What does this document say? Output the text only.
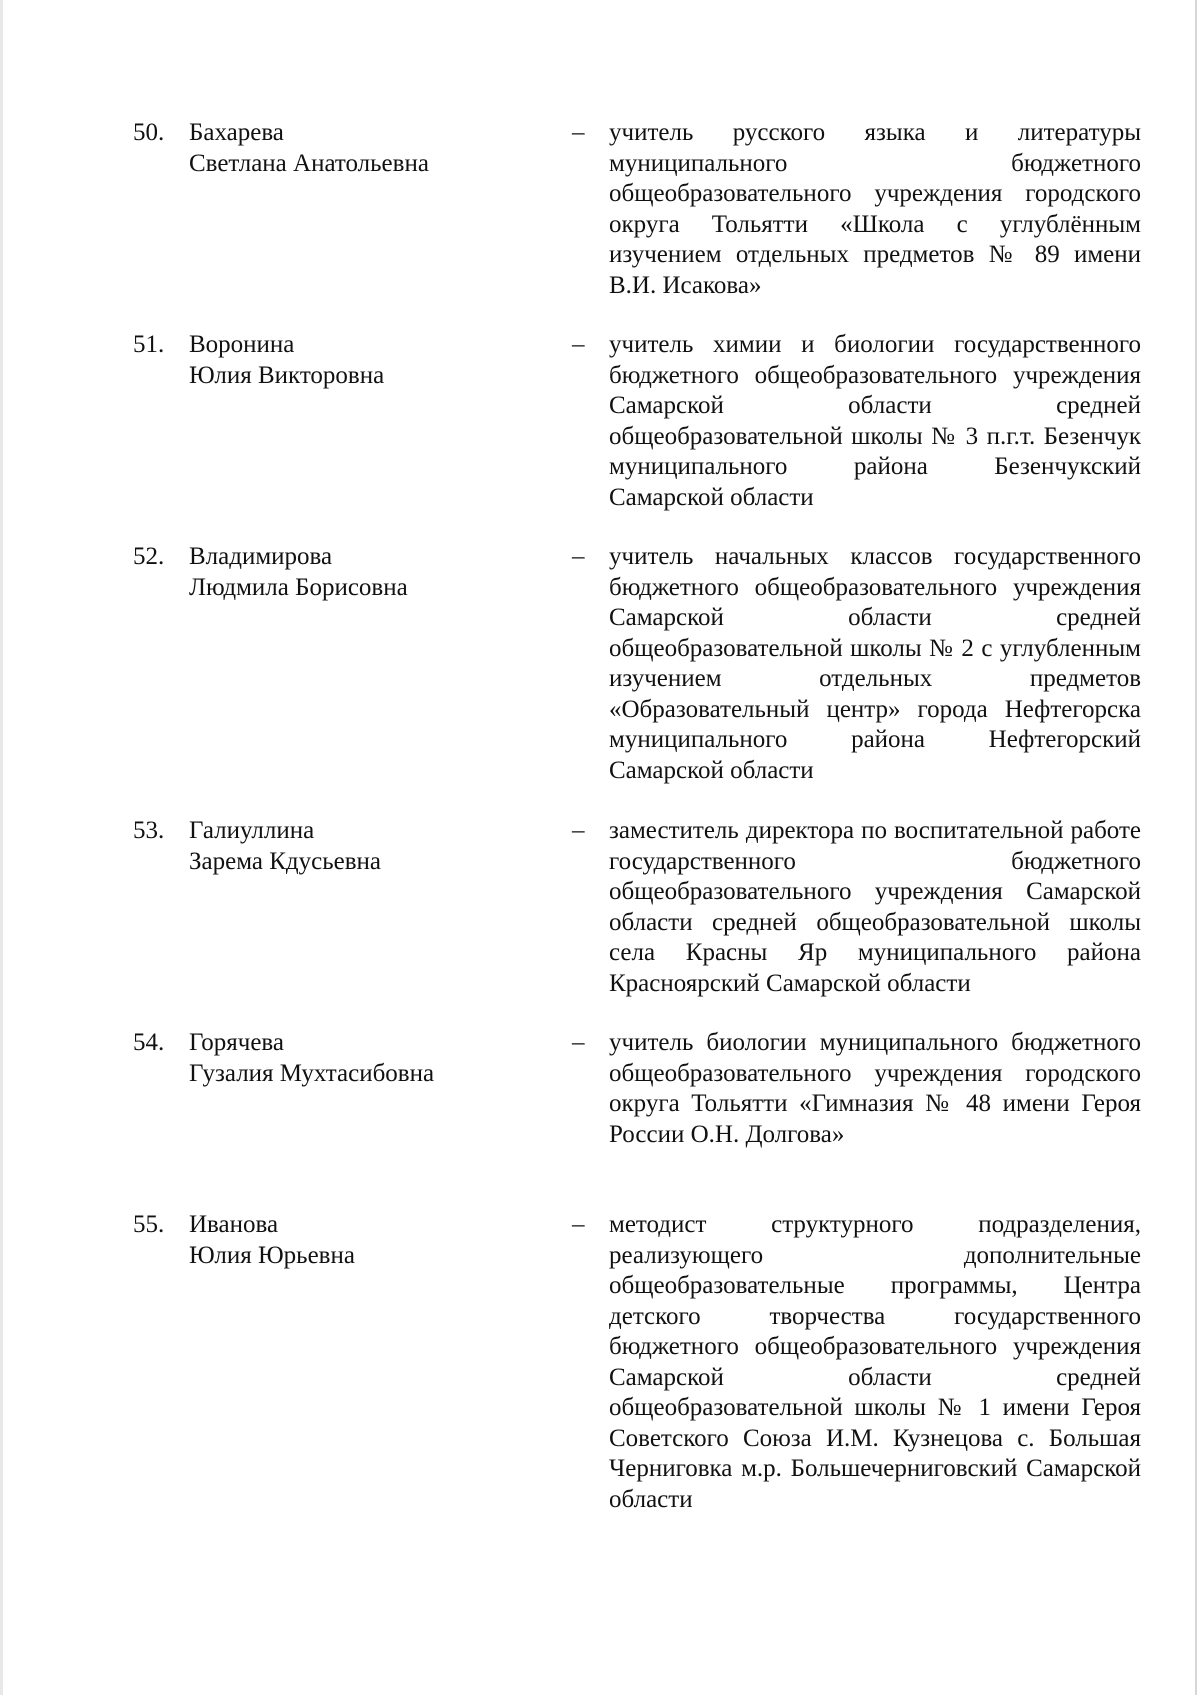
50. Бахарева
Светлана Анатольевна
– учитель русского языка и литературы муниципального бюджетного общеобразовательного учреждения городского округа Тольятти «Школа с углублённым изучением отдельных предметов № 89 имени В.И. Исакова»
51. Воронина
Юлия Викторовна
– учитель химии и биологии государственного бюджетного общеобразовательного учреждения Самарской области средней общеобразовательной школы № 3 п.г.т. Безенчук муниципального района Безенчукский Самарской области
52. Владимирова
Людмила Борисовна
– учитель начальных классов государственного бюджетного общеобразовательного учреждения Самарской области средней общеобразовательной школы № 2 с углубленным изучением отдельных предметов «Образовательный центр» города Нефтегорска муниципального района Нефтегорский Самарской области
53. Галиуллина
Зарема Кдусьевна
– заместитель директора по воспитательной работе государственного бюджетного общеобразовательного учреждения Самарской области средней общеобразовательной школы села Красны Яр муниципального района Красноярский Самарской области
54. Горячева
Гузалия Мухтасибовна
– учитель биологии муниципального бюджетного общеобразовательного учреждения городского округа Тольятти «Гимназия № 48 имени Героя России О.Н. Долгова»
55. Иванова
Юлия Юрьевна
– методист структурного подразделения, реализующего дополнительные общеобразовательные программы, Центра детского творчества государственного бюджетного общеобразовательного учреждения Самарской области средней общеобразовательной школы № 1 имени Героя Советского Союза И.М. Кузнецова с. Большая Черниговка м.р. Большечерниговский Самарской области
